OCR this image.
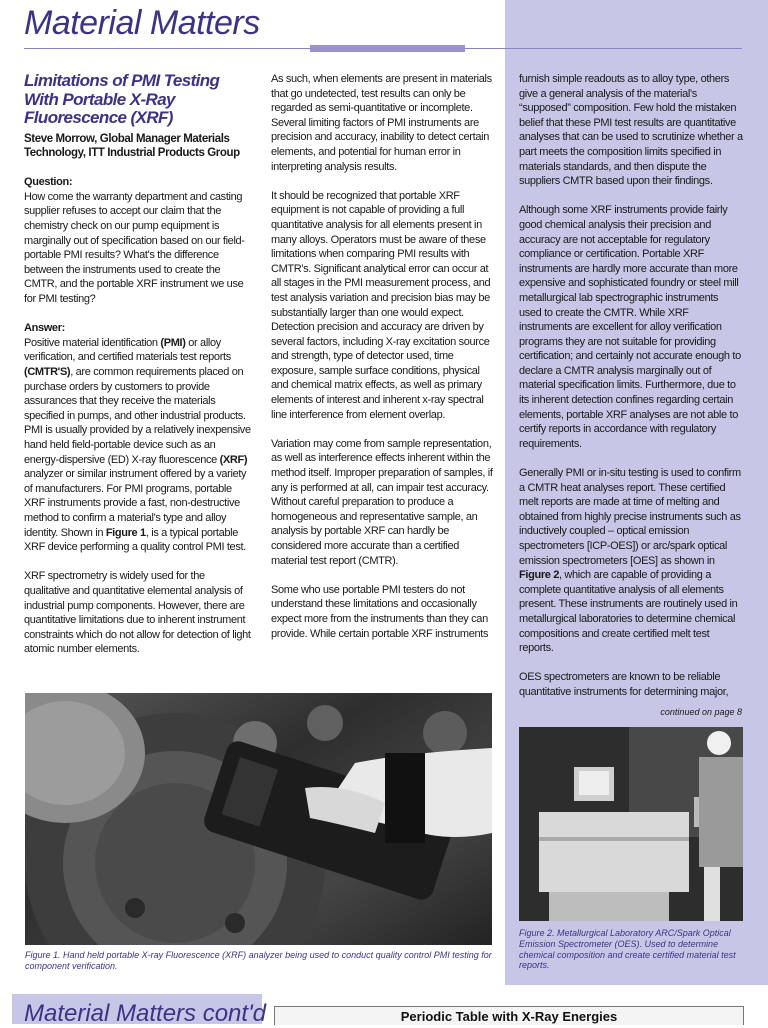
Material Matters
Limitations of PMI Testing With Portable X-Ray Fluorescence (XRF)
Steve Morrow, Global Manager Materials Technology, ITT Industrial Products Group

Question:
How come the warranty department and casting supplier refuses to accept our claim that the chemistry check on our pump equipment is marginally out of specification based on our field-portable PMI results? What's the difference between the instruments used to create the CMTR, and the portable XRF instrument we use for PMI testing?

Answer:
Positive material identification (PMI) or alloy verification, and certified materials test reports (CMTR'S), are common requirements placed on purchase orders by customers to provide assurances that they receive the materials specified in pumps, and other industrial products. PMI is usually provided by a relatively inexpensive hand held field-portable device such as an energy-dispersive (ED) X-ray fluorescence (XRF) analyzer or similar instrument offered by a variety of manufacturers. For PMI programs, portable XRF instruments provide a fast, non-destructive method to confirm a material's type and alloy identity. Shown in Figure 1, is a typical portable XRF device performing a quality control PMI test.

XRF spectrometry is widely used for the qualitative and quantitative elemental analysis of industrial pump components. However, there are quantitative limitations due to inherent instrument constraints which do not allow for detection of light atomic number elements.

As such, when elements are present in materials that go undetected, test results can only be regarded as semi-quantitative or incomplete. Several limiting factors of PMI instruments are precision and accuracy, inability to detect certain elements, and potential for human error in interpreting analysis results.

It should be recognized that portable XRF equipment is not capable of providing a full quantitative analysis for all elements present in many alloys. Operators must be aware of these limitations when comparing PMI results with CMTR's. Significant analytical error can occur at all stages in the PMI measurement process, and test analysis variation and precision bias may be substantially larger than one would expect. Detection precision and accuracy are driven by several factors, including X-ray excitation source and strength, type of detector used, time exposure, sample surface conditions, physical and chemical matrix effects, as well as primary elements of interest and inherent x-ray spectral line interference from element overlap.

Variation may come from sample representation, as well as interference effects inherent within the method itself. Improper preparation of samples, if any is performed at all, can impair test accuracy. Without careful preparation to produce a homogeneous and representative sample, an analysis by portable XRF can hardly be considered more accurate than a certified material test report (CMTR).

Some who use portable PMI testers do not understand these limitations and occasionally expect more from the instruments than they can provide. While certain portable XRF instruments

furnish simple readouts as to alloy type, others give a general analysis of the material's “supposed” composition. Few hold the mistaken belief that these PMI test results are quantitative analyses that can be used to scrutinize whether a part meets the composition limits specified in materials standards, and then dispute the suppliers CMTR based upon their findings.

Although some XRF instruments provide fairly good chemical analysis their precision and accuracy are not acceptable for regulatory compliance or certification. Portable XRF instruments are hardly more accurate than more expensive and sophisticated foundry or steel mill metallurgical lab spectrographic instruments used to create the CMTR. While XRF instruments are excellent for alloy verification programs they are not suitable for providing certification; and certainly not accurate enough to declare a CMTR analysis marginally out of material specification limits. Furthermore, due to its inherent detection confines regarding certain elements, portable XRF analyses are not able to certify reports in accordance with regulatory requirements.

Generally PMI or in-situ testing is used to confirm a CMTR heat analyses report. These certified melt reports are made at time of melting and obtained from highly precise instruments such as inductively coupled – optical emission spectrometers [ICP-OES]) or arc/spark optical emission spectrometers [OES] as shown in Figure 2, which are capable of providing a complete quantitative analysis of all elements present. These instruments are routinely used in metallurgical laboratories to determine chemical compositions and create certified melt test reports.

OES spectrometers are known to be reliable quantitative instruments for determining major,

continued on page 8
Figure 1. Hand held portable X-ray Fluorescence (XRF) analyzer being used to conduct quality control PMI testing for component verification.
Figure 2. Metallurgical Laboratory ARC/Spark Optical Emission Spectrometer (OES). Used to determine chemical composition and create certified material test reports.
Material Matters cont'd	Periodic Table with X-Ray Energies
